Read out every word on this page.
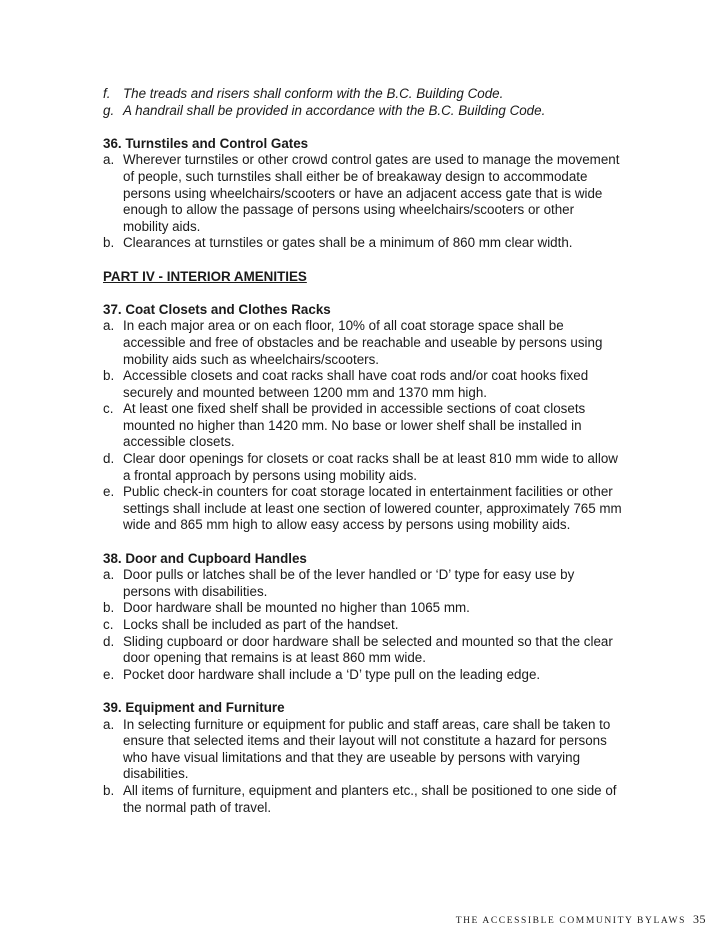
f. The treads and risers shall conform with the B.C. Building Code.
g. A handrail shall be provided in accordance with the B.C. Building Code.
36. Turnstiles and Control Gates
a. Wherever turnstiles or other crowd control gates are used to manage the movement of people, such turnstiles shall either be of breakaway design to accommodate persons using wheelchairs/scooters or have an adjacent access gate that is wide enough to allow the passage of persons using wheelchairs/scooters or other mobility aids.
b. Clearances at turnstiles or gates shall be a minimum of 860 mm clear width.
PART IV - INTERIOR AMENITIES
37. Coat Closets and Clothes Racks
a. In each major area or on each floor, 10% of all coat storage space shall be accessible and free of obstacles and be reachable and useable by persons using mobility aids such as wheelchairs/scooters.
b. Accessible closets and coat racks shall have coat rods and/or coat hooks fixed securely and mounted between 1200 mm and 1370 mm high.
c. At least one fixed shelf shall be provided in accessible sections of coat closets mounted no higher than 1420 mm. No base or lower shelf shall be installed in accessible closets.
d. Clear door openings for closets or coat racks shall be at least 810 mm wide to allow a frontal approach by persons using mobility aids.
e. Public check-in counters for coat storage located in entertainment facilities or other settings shall include at least one section of lowered counter, approximately 765 mm wide and 865 mm high to allow easy access by persons using mobility aids.
38. Door and Cupboard Handles
a. Door pulls or latches shall be of the lever handled or ‘D’ type for easy use by persons with disabilities.
b. Door hardware shall be mounted no higher than 1065 mm.
c. Locks shall be included as part of the handset.
d. Sliding cupboard or door hardware shall be selected and mounted so that the clear door opening that remains is at least 860 mm wide.
e. Pocket door hardware shall include a ‘D’ type pull on the leading edge.
39. Equipment and Furniture
a. In selecting furniture or equipment for public and staff areas, care shall be taken to ensure that selected items and their layout will not constitute a hazard for persons who have visual limitations and that they are useable by persons with varying disabilities.
b. All items of furniture, equipment and planters etc., shall be positioned to one side of the normal path of travel.
THE ACCESSIBLE COMMUNITY BYLAWS 35
